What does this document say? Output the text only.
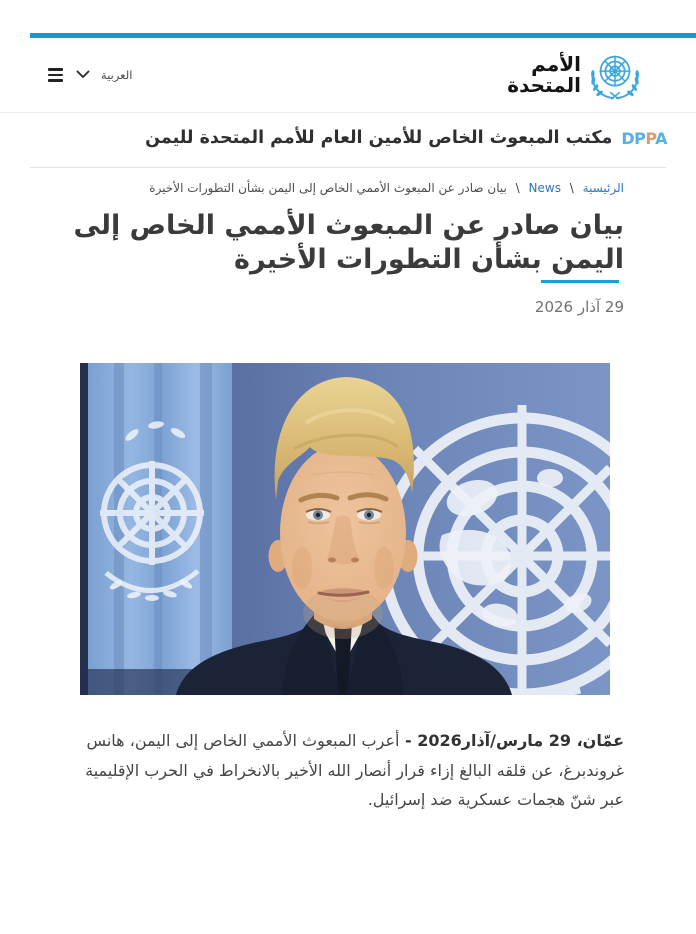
العربية	الأمم
المتحدة
مكتب المبعوث الخاص للأمين العام للأمم المتحدة لليمن DPPA
الرئيسية \ News \ بيان صادر عن المبعوث الأممي الخاص إلى اليمن بشأن التطورات الأخيرة
بيان صادر عن المبعوث الأممي الخاص إلى اليمن بشأن التطورات الأخيرة
29 آذار 2026

عمّان، 29 مارس/آذار2026 - أعرب المبعوث الأممي الخاص إلى اليمن، هانس غروندبرغ، عن قلقه البالغ إزاء قرار أنصار الله الأخير بالانخراط في الحرب الإقليمية عبر شنّ هجمات عسكرية ضد إسرائيل.
